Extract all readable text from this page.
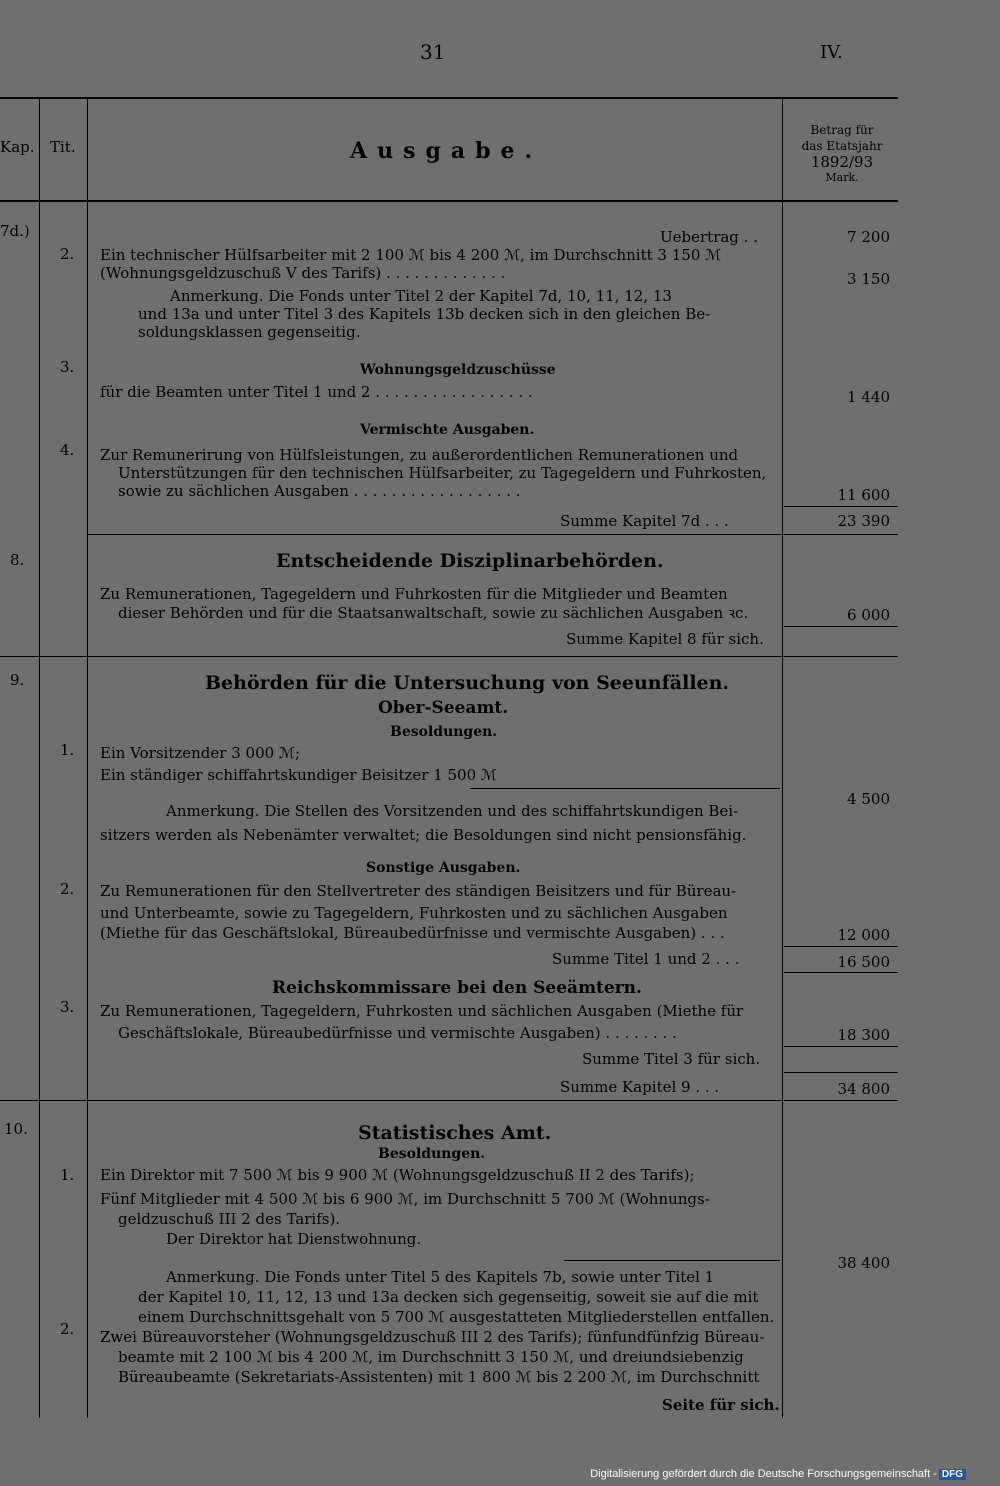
31	IV.
Kap. Tit.	Ausgabe.
Betrag für
das Etatsjahr
1892/93
Mark.
7d.)	Uebertrag . .	7 200
2. Ein technischer Hülfsarbeiter mit 2 100 ℳ bis 4 200 ℳ, im Durchschnitt 3 150 ℳ
(Wohnungsgeldzuschuß V des Tarifs) . . . . . . . . . . . . .	3 150
Anmerkung. Die Fonds unter Titel 2 der Kapitel 7d, 10, 11, 12, 13
und 13a und unter Titel 3 des Kapitels 13b decken sich in den gleichen Be-
soldungsklassen gegenseitig.
Wohnungsgeldzuschüsse
3.
für die Beamten unter Titel 1 und 2 . . . . . . . . . . . . . . . . .	1 440
Vermischte Ausgaben.
4. Zur Remunerirung von Hülfsleistungen, zu außerordentlichen Remunerationen und
Unterstützungen für den technischen Hülfsarbeiter, zu Tagegeldern und Fuhrkosten,
sowie zu sächlichen Ausgaben . . . . . . . . . . . . . . . . . .	11 600
Summe Kapitel 7d . . .	23 390
8.	Entscheidende Disziplinarbehörden.
Zu Remunerationen, Tagegeldern und Fuhrkosten für die Mitglieder und Beamten
dieser Behörden und für die Staatsanwaltschaft, sowie zu sächlichen Ausgaben ꝛc.	6 000
Summe Kapitel 8 für sich.
9.	Behörden für die Untersuchung von Seeunfällen.
Ober-Seeamt.
Besoldungen.
1. Ein Vorsitzender 3 000 ℳ;
Ein ständiger schiffahrtskundiger Beisitzer 1 500 ℳ
4 500
Anmerkung. Die Stellen des Vorsitzenden und des schiffahrtskundigen Bei-
sitzers werden als Nebenämter verwaltet; die Besoldungen sind nicht pensionsfähig.
Sonstige Ausgaben.
2. Zu Remunerationen für den Stellvertreter des ständigen Beisitzers und für Büreau-
und Unterbeamte, sowie zu Tagegeldern, Fuhrkosten und zu sächlichen Ausgaben
(Miethe für das Geschäftslokal, Büreaubedürfnisse und vermischte Ausgaben) . . .	12 000
Summe Titel 1 und 2 . . .	16 500
Reichskommissare bei den Seeämtern.
3. Zu Remunerationen, Tagegeldern, Fuhrkosten und sächlichen Ausgaben (Miethe für
Geschäftslokale, Büreaubedürfnisse und vermischte Ausgaben) . . . . . . . .	18 300
Summe Titel 3 für sich.
Summe Kapitel 9 . . .	34 800
10.	Statistisches Amt.
Besoldungen.
1. Ein Direktor mit 7 500 ℳ bis 9 900 ℳ (Wohnungsgeldzuschuß II 2 des Tarifs);
Fünf Mitglieder mit 4 500 ℳ bis 6 900 ℳ, im Durchschnitt 5 700 ℳ (Wohnungs-
geldzuschuß III 2 des Tarifs).
Der Direktor hat Dienstwohnung.
38 400
Anmerkung. Die Fonds unter Titel 5 des Kapitels 7b, sowie unter Titel 1
der Kapitel 10, 11, 12, 13 und 13a decken sich gegenseitig, soweit sie auf die mit
einem Durchschnittsgehalt von 5 700 ℳ ausgestatteten Mitgliederstellen entfallen.
2. Zwei Büreauvorsteher (Wohnungsgeldzuschuß III 2 des Tarifs); fünfundfünfzig Büreau-
beamte mit 2 100 ℳ bis 4 200 ℳ, im Durchschnitt 3 150 ℳ, und dreiundsiebenzig
Büreaubeamte (Sekretariats-Assistenten) mit 1 800 ℳ bis 2 200 ℳ, im Durchschnitt
Seite für sich.
Digitalisierung gefördert durch die Deutsche Forschungsgemeinschaft - DFG
